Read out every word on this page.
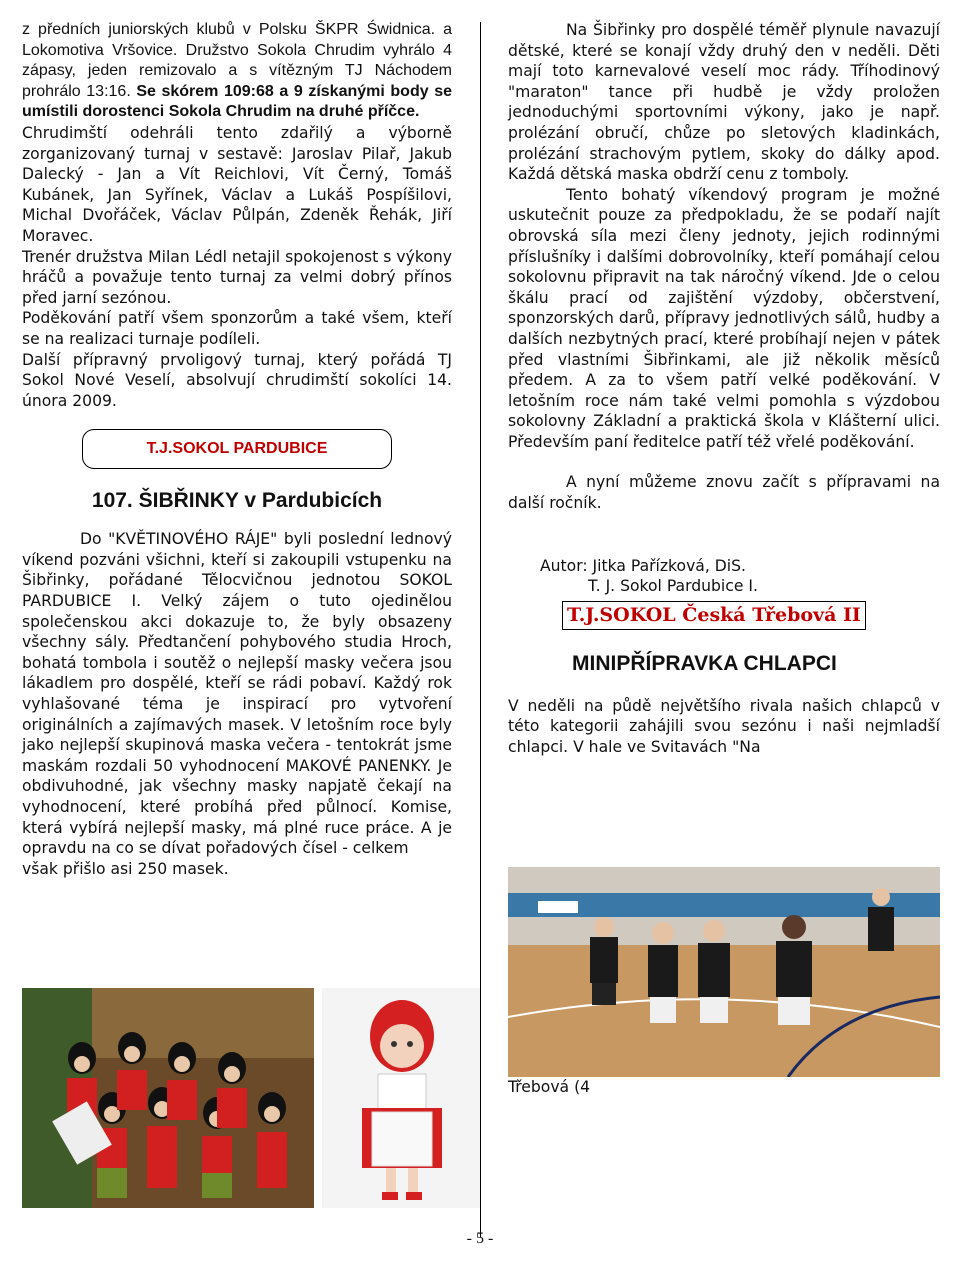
z předních juniorských klubů v Polsku ŠKPR Świdnica. a Lokomotiva Vršovice. Družstvo Sokola Chrudim vyhrálo 4 zápasy, jeden remizovalo a s vítězným TJ Náchodem prohrálo 13:16. Se skórem 109:68 a 9 získanými body se umístili dorostenci Sokola Chrudim na druhé příčce.

Chrudimští odehráli tento zdařilý a výborně zorganizovaný turnaj v sestavě: Jaroslav Pilař, Jakub Dalecký - Jan a Vít Reichlovi, Vít Černý, Tomáš Kubánek, Jan Syřínek, Václav a Lukáš Pospíšilovi, Michal Dvořáček, Václav Půlpán, Zdeněk Řehák, Jiří Moravec.

Trenér družstva Milan Lédl netajil spokojenost s výkony hráčů a považuje tento turnaj za velmi dobrý přínos před jarní sezónou.

Poděkování patří všem sponzorům a také všem, kteří se na realizaci turnaje podíleli.

Další přípravný prvoligový turnaj, který pořádá TJ Sokol Nové Veselí, absolvují chrudimští sokolíci 14. února 2009.

T.J.SOKOL PARDUBICE
107. ŠIBŘINKY v Pardubicích

Do "KVĚTINOVÉHO RÁJE" byli poslední lednový víkend pozváni všichni, kteří si zakoupili vstupenku na Šibřinky, pořádané Tělocvičnou jednotou SOKOL PARDUBICE I. Velký zájem o tuto ojedinělou společenskou akci dokazuje to, že byly obsazeny všechny sály. Předtančení pohybového studia Hroch, bohatá tombola i soutěž o nejlepší masky večera jsou lákadlem pro dospělé, kteří se rádi pobaví. Každý rok vyhlašované téma je inspirací pro vytvoření originálních a zajímavých masek. V letošním roce byly jako nejlepší skupinová maska večera - tentokrát jsme maskám rozdali 50 vyhodnocení MAKOVÉ PANENKY. Je obdivuhodné, jak všechny masky napjatě čekají na vyhodnocení, které probíhá před půlnocí. Komise, která vybírá nejlepší masky, má plné ruce práce. A je opravdu na co se dívat pořadových čísel - celkem

však přišlo asi 250 masek.

Na Šibřinky pro dospělé téměř plynule navazují dětské, které se konají vždy druhý den v neděli. Děti mají toto karnevalové veselí moc rády. Tříhodinový "maraton" tance při hudbě je vždy proložen jednoduchými sportovními výkony, jako je např. prolézání obručí, chůze po sletových kladinkách, prolézání strachovým pytlem, skoky do dálky apod. Každá dětská maska obdrží cenu z tomboly.

Tento bohatý víkendový program je možné uskutečnit pouze za předpokladu, že se podaří najít obrovská síla mezi členy jednoty, jejich rodinnými příslušníky i dalšími dobrovolníky, kteří pomáhají celou sokolovnu připravit na tak náročný víkend. Jde o celou škálu prací od zajištění výzdoby, občerstvení, sponzorských darů, přípravy jednotlivých sálů, hudby a dalších nezbytných prací, které probíhají nejen v pátek před vlastními Šibřinkami, ale již několik měsíců předem. A za to všem patří velké poděkování. V letošním roce nám také velmi pomohla s výzdobou sokolovny Základní a praktická škola v Klášterní ulici. Především paní ředitelce patří též vřelé poděkování.

A nyní můžeme znovu začít s přípravami na další ročník.

Autor: Jitka Pařízková, DiS.

T. J. Sokol Pardubice I.

T.J.SOKOL Česká Třebová II
MINIPŘÍPRAVKA CHLAPCI

V neděli na půdě největšího rivala našich chlapců v této kategorii zahájili svou sezónu i naši nejmladší chlapci. V hale ve Svitavách "Na

Třebová (4

- 5 -
